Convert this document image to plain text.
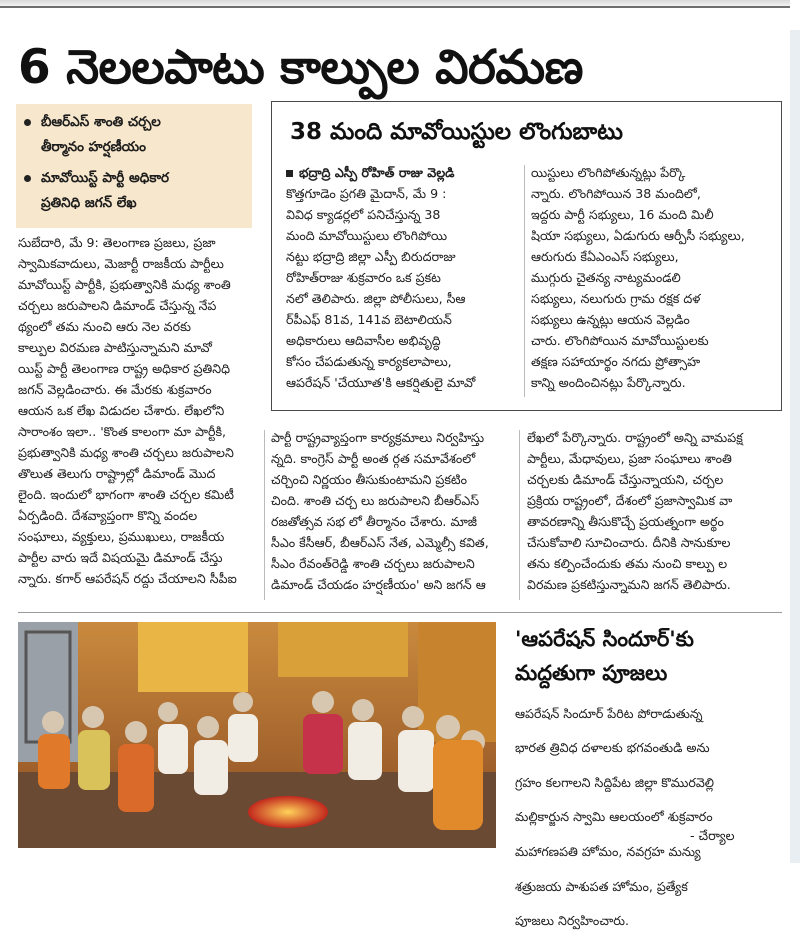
6 నెలలపాటు కాల్పుల విరమణ
బీఆర్‌ఎస్ శాంతి చర్చల
తీర్మానం హర్షణీయం
మావోయిస్ట్ పార్టీ అధికార
ప్రతినిధి జగన్ లేఖ

సుబేదారి, మే 9: తెలంగాణ ప్రజలు, ప్రజా

స్వామికవాదులు, మెజార్టీ రాజకీయ పార్టీలు

మావోయిస్ట్ పార్టీకి, ప్రభుత్వానికి మధ్య శాంతి

చర్చలు జరుపాలని డిమాండ్ చేస్తున్న నేప

థ్యంలో తమ నుంచి ఆరు నెల వరకు

కాల్పుల విరమణ పాటిస్తున్నామని మావో

యిస్ట్ పార్టీ తెలంగాణ రాష్ట్ర అధికార ప్రతినిధి

జగన్ వెల్లడించారు. ఈ మేరకు శుక్రవారం

ఆయన ఒక లేఖ విడుదల చేశారు. లేఖలోని

సారాంశం ఇలా.. 'కొంత కాలంగా మా పార్టీకి,

ప్రభుత్వానికి మధ్య శాంతి చర్చలు జరుపాలని

తొలుత తెలుగు రాష్ట్రాల్లో డిమాండ్ మొద

లైంది. ఇందులో భాగంగా శాంతి చర్చల కమిటీ

ఏర్పడింది. దేశవ్యాప్తంగా కొన్ని వందల

సంఘాలు, వ్యక్తులు, ప్రముఖులు, రాజకీయ

పార్టీల వారు ఇదే విషయమై డిమాండ్ చేస్తు

న్నారు. కగార్ ఆపరేషన్ రద్దు చేయాలని సీపీఐ

38 మంది మావోయిస్టుల లొంగుబాటు

భద్రాద్రి ఎస్పీ రోహిత్ రాజు వెల్లడి

కొత్తగూడెం ప్రగతి మైదాన్, మే 9 :

వివిధ క్యాడర్లలో పనిచేస్తున్న 38

మంది మావోయిస్టులు లొంగిపోయి

నట్టు భద్రాద్రి జిల్లా ఎస్పీ బిరుదరాజు

రోహిత్‌రాజు శుక్రవారం ఒక ప్రకట

నలో తెలిపారు. జిల్లా పోలీసులు, సీఆ

ర్‌పీఎఫ్ 81వ, 141వ బెటాలియన్

అధికారులు ఆదివాసీల అభివృద్ధి

కోసం చేపడుతున్న కార్యకలాపాలు,

ఆపరేషన్ 'చేయూత'కి ఆకర్షితులై మావో

యిస్టులు లొంగిపోతున్నట్లు పేర్కొ

న్నారు. లొంగిపోయిన 38 మందిలో,

ఇద్దరు పార్టీ సభ్యులు, 16 మంది మిలీ

షియా సభ్యులు, ఏడుగురు ఆర్పీసీ సభ్యులు,

ఆరుగురు కేఏఎంఎస్ సభ్యులు,

ముగ్గురు చైతన్య నాట్యమండలి

సభ్యులు, నలుగురు గ్రామ రక్షక దళ

సభ్యులు ఉన్నట్లు ఆయన వెల్లడిం

చారు. లొంగిపోయిన మావోయిస్టులకు

తక్షణ సహాయార్థం నగదు ప్రోత్సాహ

కాన్ని అందించినట్లు పేర్కొన్నారు.

పార్టీ రాష్ట్రవ్యాప్తంగా కార్యక్రమాలు నిర్వహిస్తు

న్నది. కాంగ్రెస్ పార్టీ అంత ర్గత సమావేశంలో

చర్చించి నిర్ణయం తీసుకుంటామని ప్రకటిం

చింది. శాంతి చర్చ లు జరుపాలని బీఆర్‌ఎస్

రజతోత్సవ సభ లో తీర్మానం చేశారు. మాజీ

సీఎం కేసీఆర్, బీఆర్‌ఎస్ నేత, ఎమ్మెల్సీ కవిత,

సీఎం రేవంత్‌రెడ్డి శాంతి చర్చలు జరుపాలని

డిమాండ్ చేయడం హర్షణీయం' అని జగన్ ఆ

లేఖలో పేర్కొన్నారు. రాష్ట్రంలో అన్ని వామపక్ష

పార్టీలు, మేధావులు, ప్రజా సంఘాలు శాంతి

చర్చలకు డిమాండ్ చేస్తున్నాయని, చర్చల

ప్రక్రియ రాష్ట్రంలో, దేశంలో ప్రజాస్వామిక వా

తావరణాన్ని తీసుకొచ్చే ప్రయత్నంగా అర్థం

చేసుకోవాలి సూచించారు. దీనికి సానుకూల

తను కల్పించేందుకు తమ నుంచి కాల్పు ల

విరమణ ప్రకటిస్తున్నామని జగన్ తెలిపారు.

'ఆపరేషన్ సిందూర్'కు
మద్దతుగా పూజలు

ఆపరేషన్ సిందూర్ పేరిట పోరాడుతున్న

భారత త్రివిధ దళాలకు భగవంతుడి అను

గ్రహం కలగాలని సిద్దిపేట జిల్లా కొమురవెల్లి

మల్లికార్జున స్వామి ఆలయంలో శుక్రవారం

మహాగణపతి హోమం, నవగ్రహ మన్యు

శత్రుజయ పాశుపత హోమం, ప్రత్యేక

పూజలు నిర్వహించారు.

- చేర్యాల
